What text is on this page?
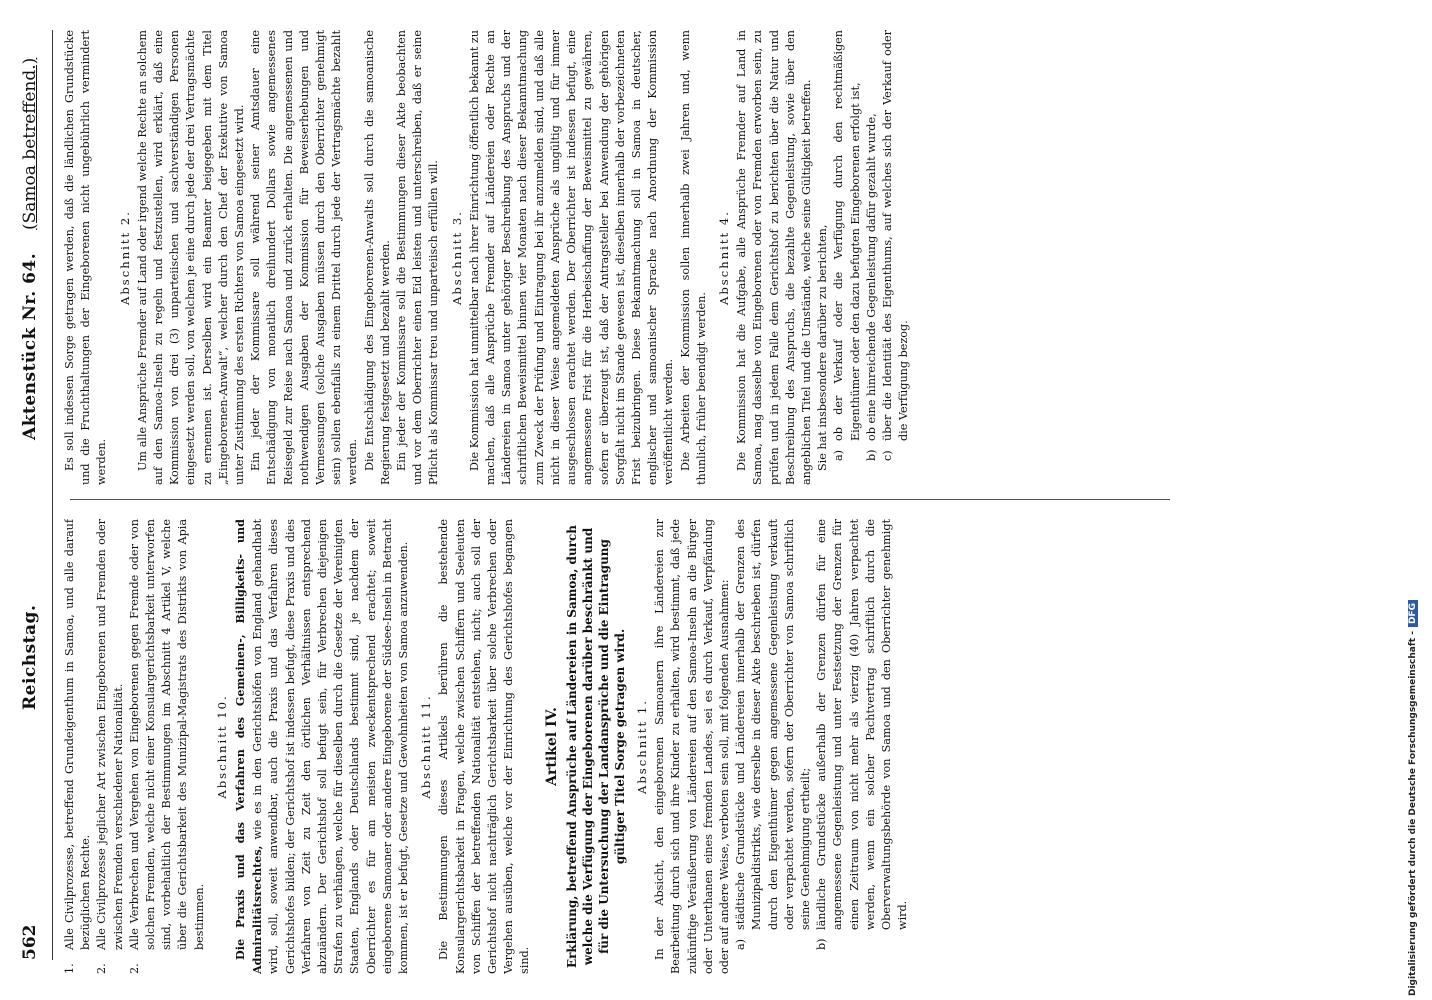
562
Reichstag.
Aktenstück Nr. 64.
(Samoa betreffend.)

1.
Alle Civilprozesse, betreffend Grundeigenthum in Samoa, und alle darauf bezüglichen Rechte.

2.
Alle Civilprozesse jeglicher Art zwischen Eingeborenen und Fremden oder zwischen Fremden verschiedener Nationalität.

2.
Alle Verbrechen und Vergehen von Eingeborenen gegen Fremde oder von solchen Fremden, welche nicht einer Konsulargerichtsbarkeit unterworfen sind, vorbehaltlich der Bestimmungen im Abschnitt 4 Artikel V, welche über die Gerichtsbarkeit des Munizipal-Magistrats des Distrikts von Apia bestimmen.

Abschnitt 10. Die Praxis und das Verfahren des Gemeinen-, Billigkeits- und Admiralitätsrechtes, wie es in den Gerichtshöfen von England gehandhabt wird, soll, soweit anwendbar, auch die Praxis und das Verfahren dieses Gerichtshofes bilden; der Gerichtshof ist indessen befugt, diese Praxis und dies Verfahren von Zeit zu Zeit den örtlichen Verhältnissen entsprechend abzuändern. Der Gerichtshof soll befugt sein, für Verbrechen diejenigen Strafen zu verhängen, welche für dieselben durch die Gesetze der Vereinigten Staaten, Englands oder Deutschlands bestimmt sind, je nachdem der Oberrichter es für am meisten zweckentsprechend erachtet; soweit eingeborene Samoaner oder andere Eingeborene der Südsee-Inseln in Betracht kommen, ist er befugt, Gesetze und Gewohnheiten von Samoa anzuwenden. Abschnitt 11. Die Bestimmungen dieses Artikels berühren die bestehende Konsulargerichtsbarkeit in Fragen, welche zwischen Schiffern und Seeleuten von Schiffen der betreffenden Nationalität entstehen, nicht; auch soll der Gerichtshof nicht nachträglich Gerichtsbarkeit über solche Verbrechen oder Vergehen ausüben, welche vor der Einrichtung des Gerichtshofes begangen sind.

Artikel IV. Erklärung, betreffend Ansprüche auf Ländereien in Samoa, durch welche die Verfügung der Eingeborenen darüber beschränkt und für die Untersuchung der Landansprüche und die Eintragung gültiger Titel Sorge getragen wird. Abschnitt 1. In der Absicht, den eingeborenen Samoanern ihre Ländereien zur Bearbeitung durch sich und ihre Kinder zu erhalten, wird bestimmt, daß jede zukünftige Veräußerung von Ländereien auf den Samoa-Inseln an die Bürger oder Unterthanen eines fremden Landes, sei es durch Verkauf, Verpfändung oder auf andere Weise, verboten sein soll, mit folgenden Ausnahmen: a)
städtische Grundstücke und Ländereien innerhalb der Grenzen des Munizipaldistrikts, wie derselbe in dieser Akte beschrieben ist, dürfen durch den Eigenthümer gegen angemessene Gegenleistung verkauft oder verpachtet werden, sofern der Oberrichter von Samoa schriftlich seine Genehmigung ertheilt;

b)
ländliche Grundstücke außerhalb der Grenzen dürfen für eine angemessene Gegenleistung und unter Festsetzung der Grenzen für einen Zeitraum von nicht mehr als vierzig (40) Jahren verpachtet werden, wenn ein solcher Pachtvertrag schriftlich durch die Oberverwaltungsbehörde von Samoa und den Oberrichter genehmigt wird.

Es soll indessen Sorge getragen werden, daß die ländlichen Grundstücke und die Fruchthaltungen der Eingeborenen nicht ungebührlich vermindert werden.

Abschnitt 2. Um alle Ansprüche Fremder auf Land oder irgend welche Rechte an solchem auf den Samoa-Inseln zu regeln und festzustellen, wird erklärt, daß eine Kommission von drei (3) unparteiischen und sachverständigen Personen eingesetzt werden soll, von welchen je eine durch jede der drei Vertragsmächte zu ernennen ist. Derselben wird ein Beamter beigegeben mit dem Titel „Eingeborenen-Anwalt“, welcher durch den Chef der Exekutive von Samoa unter Zustimmung des ersten Richters von Samoa eingesetzt wird. Ein jeder der Kommissare soll während seiner Amtsdauer eine Entschädigung von monatlich dreihundert Dollars sowie angemessenes Reisegeld zur Reise nach Samoa und zurück erhalten. Die angemessenen und nothwendigen Ausgaben der Kommission für Beweiserhebungen und Vermessungen (solche Ausgaben müssen durch den Oberrichter genehmigt sein) sollen ebenfalls zu einem Drittel durch jede der Vertragsmächte bezahlt werden. Die Entschädigung des Eingeborenen-Anwalts soll durch die samoanische Regierung festgesetzt und bezahlt werden. Ein jeder der Kommissare soll die Bestimmungen dieser Akte beobachten und vor dem Oberrichter einen Eid leisten und unterschreiben, daß er seine Pflicht als Kommissar treu und unparteiisch erfüllen will. Abschnitt 3. Die Kommission hat unmittelbar nach ihrer Einrichtung öffentlich bekannt zu machen, daß alle Ansprüche Fremder auf Ländereien oder Rechte an Ländereien in Samoa unter gehöriger Beschreibung des Anspruchs und der schriftlichen Beweismittel binnen vier Monaten nach dieser Bekanntmachung zum Zweck der Prüfung und Eintragung bei ihr anzumelden sind, und daß alle nicht in dieser Weise angemeldeten Ansprüche als ungültig und für immer ausgeschlossen erachtet werden. Der Oberrichter ist indessen befugt, eine angemessene Frist für die Herbeischaffung der Beweismittel zu gewähren, sofern er überzeugt ist, daß der Antragsteller bei Anwendung der gehörigen Sorgfalt nicht im Stande gewesen ist, dieselben innerhalb der vorbezeichneten Frist beizubringen. Diese Bekanntmachung soll in Samoa in deutscher, englischer und samoanischer Sprache nach Anordnung der Kommission veröffentlicht werden. Die Arbeiten der Kommission sollen innerhalb zwei Jahren und, wenn thunlich, früher beendigt werden.

Abschnitt 4. Die Kommission hat die Aufgabe, alle Ansprüche Fremder auf Land in Samoa, mag dasselbe von Eingeborenen oder von Fremden erworben sein, zu prüfen und in jedem Falle dem Gerichtshof zu berichten über die Natur und Beschreibung des Anspruchs, die bezahlte Gegenleistung, sowie über den angeblichen Titel und die Umstände, welche seine Gültigkeit betreffen. Sie hat insbesondere darüber zu berichten, a)
ob der Verkauf oder die Verfügung durch den rechtmäßigen Eigenthümer oder den dazu befugten Eingeborenen erfolgt ist,

b)
ob eine hinreichende Gegenleistung dafür gezahlt wurde,

c)
über die Identität des Eigenthums, auf welches sich der Verkauf oder die Verfügung bezog.

Digitalisierung gefördert durch die Deutsche Forschungsgemeinschaft -DFG
